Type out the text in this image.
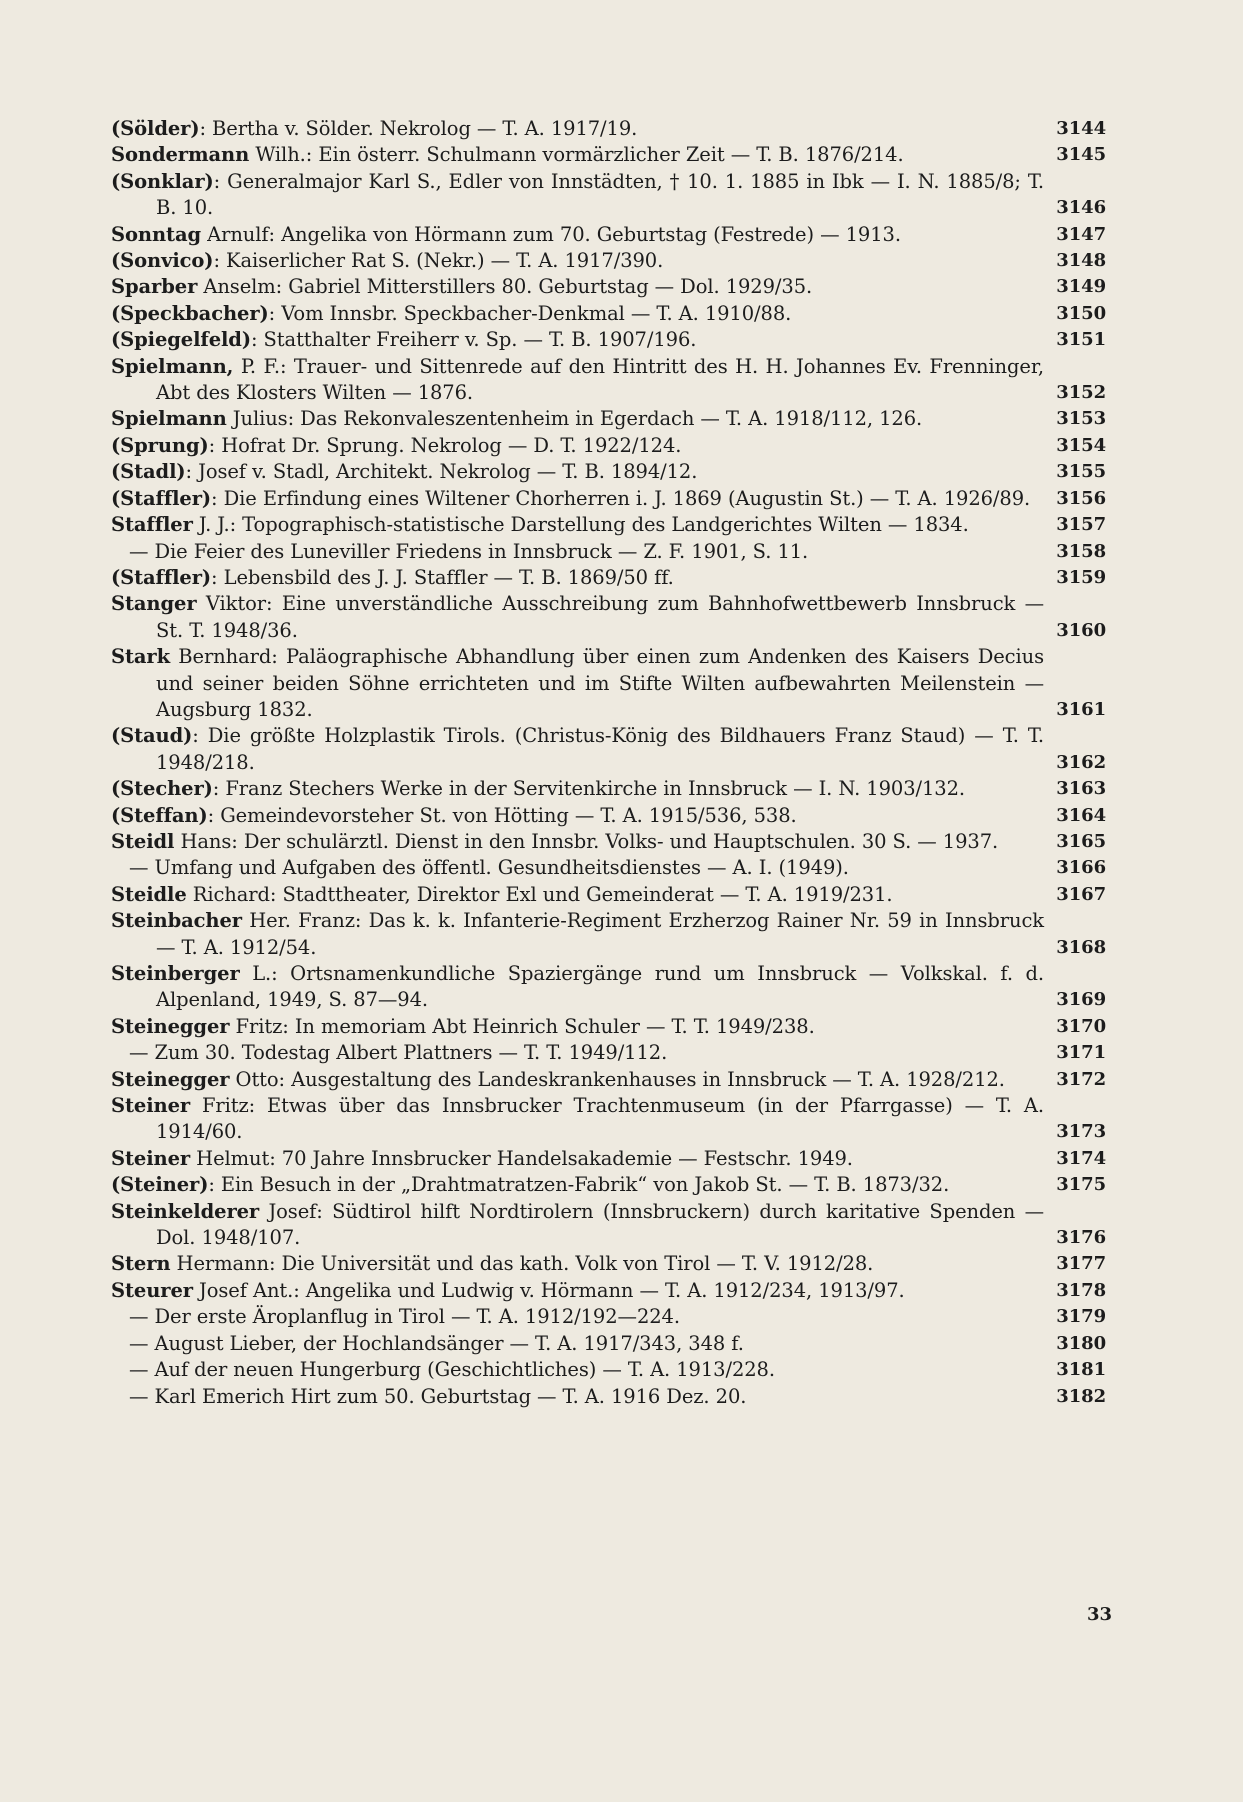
(Sölder): Bertha v. Sölder. Nekrolog — T. A. 1917/19.	3144
Sondermann Wilh.: Ein österr. Schulmann vormärzlicher Zeit — T. B. 1876/214.	3145
(Sonklar): Generalmajor Karl S., Edler von Innstädten, † 10. 1. 1885 in Ibk — I. N. 1885/8; T. B. 10.	3146
Sonntag Arnulf: Angelika von Hörmann zum 70. Geburtstag (Festrede) — 1913.	3147
(Sonvico): Kaiserlicher Rat S. (Nekr.) — T. A. 1917/390.	3148
Sparber Anselm: Gabriel Mitterstillers 80. Geburtstag — Dol. 1929/35.	3149
(Speckbacher): Vom Innsbr. Speckbacher-Denkmal — T. A. 1910/88.	3150
(Spiegelfeld): Statthalter Freiherr v. Sp. — T. B. 1907/196.	3151
Spielmann, P. F.: Trauer- und Sittenrede auf den Hintritt des H. H. Johannes Ev. Frenninger, Abt des Klosters Wilten — 1876.	3152
Spielmann Julius: Das Rekonvaleszentenheim in Egerdach — T. A. 1918/112, 126.	3153
(Sprung): Hofrat Dr. Sprung. Nekrolog — D. T. 1922/124.	3154
(Stadl): Josef v. Stadl, Architekt. Nekrolog — T. B. 1894/12.	3155
(Staffler): Die Erfindung eines Wiltener Chorherren i. J. 1869 (Augustin St.) — T. A. 1926/89. 3156
Staffler J. J.: Topographisch-statistische Darstellung des Landgerichtes Wilten — 1834.	3157
— Die Feier des Luneviller Friedens in Innsbruck — Z. F. 1901, S. 11.	3158
(Staffler): Lebensbild des J. J. Staffler — T. B. 1869/50 ff.	3159
Stanger Viktor: Eine unverständliche Ausschreibung zum Bahnhofwettbewerb Innsbruck — St. T. 1948/36.	3160
Stark Bernhard: Paläographische Abhandlung über einen zum Andenken des Kaisers Decius und seiner beiden Söhne errichteten und im Stifte Wilten aufbewahrten Meilenstein — Augsburg 1832.	3161
(Staud): Die größte Holzplastik Tirols. (Christus-König des Bildhauers Franz Staud) — T. T. 1948/218.	3162
(Stecher): Franz Stechers Werke in der Servitenkirche in Innsbruck — I. N. 1903/132.	3163
(Steffan): Gemeindevorsteher St. von Hötting — T. A. 1915/536, 538.	3164
Steidl Hans: Der schulärztl. Dienst in den Innsbr. Volks- und Hauptschulen. 30 S. — 1937.	3165
— Umfang und Aufgaben des öffentl. Gesundheitsdienstes — A. I. (1949).	3166
Steidle Richard: Stadttheater, Direktor Exl und Gemeinderat — T. A. 1919/231.	3167
Steinbacher Her. Franz: Das k. k. Infanterie-Regiment Erzherzog Rainer Nr. 59 in Innsbruck — T. A. 1912/54.	3168
Steinberger L.: Ortsnamenkundliche Spaziergänge rund um Innsbruck — Volkskal. f. d. Alpenland, 1949, S. 87—94.	3169
Steinegger Fritz: In memoriam Abt Heinrich Schuler — T. T. 1949/238.	3170
— Zum 30. Todestag Albert Plattners — T. T. 1949/112.	3171
Steinegger Otto: Ausgestaltung des Landeskrankenhauses in Innsbruck — T. A. 1928/212.	3172
Steiner Fritz: Etwas über das Innsbrucker Trachtenmuseum (in der Pfarrgasse) — T. A. 1914/60.	3173
Steiner Helmut: 70 Jahre Innsbrucker Handelsakademie — Festschr. 1949.	3174
(Steiner): Ein Besuch in der „Drahtmatratzen-Fabrik“ von Jakob St. — T. B. 1873/32.	3175
Steinkelderer Josef: Südtirol hilft Nordtirolern (Innsbruckern) durch karitative Spenden — Dol. 1948/107.	3176
Stern Hermann: Die Universität und das kath. Volk von Tirol — T. V. 1912/28.	3177
Steurer Josef Ant.: Angelika und Ludwig v. Hörmann — T. A. 1912/234, 1913/97.	3178
— Der erste Äroplanflug in Tirol — T. A. 1912/192—224.	3179
— August Lieber, der Hochlandsänger — T. A. 1917/343, 348 f.	3180
— Auf der neuen Hungerburg (Geschichtliches) — T. A. 1913/228.	3181
— Karl Emerich Hirt zum 50. Geburtstag — T. A. 1916 Dez. 20.	3182
33
